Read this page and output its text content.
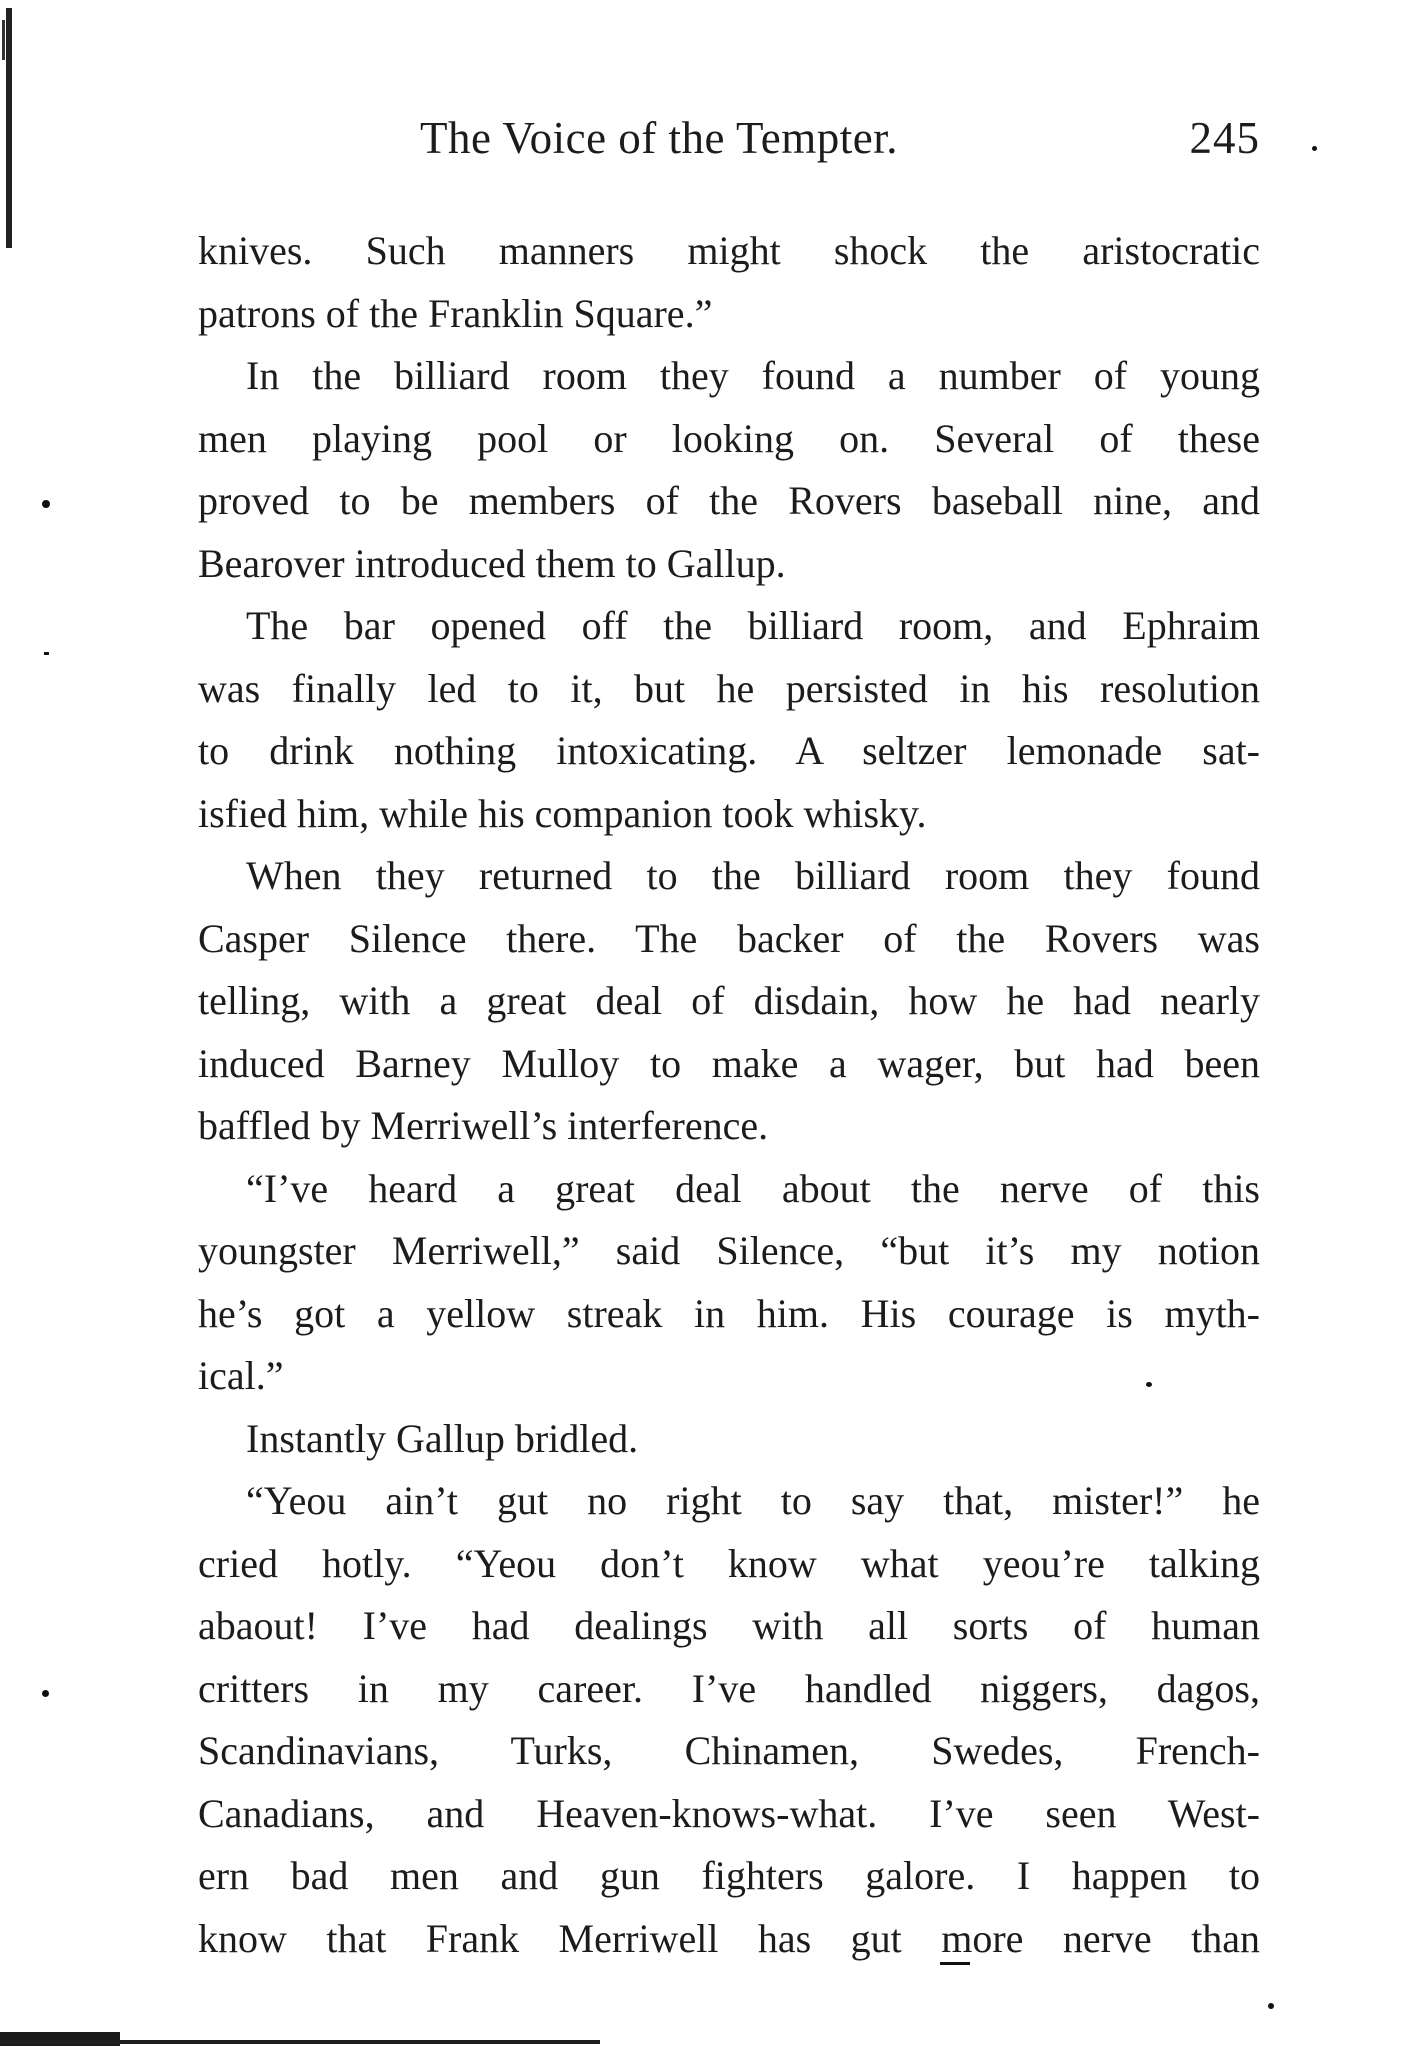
The Voice of the Tempter.	245
knives. Such manners might shock the aristocratic
patrons of the Franklin Square.”
In the billiard room they found a number of young
men playing pool or looking on. Several of these
proved to be members of the Rovers baseball nine, and
Bearover introduced them to Gallup.
The bar opened off the billiard room, and Ephraim
was finally led to it, but he persisted in his resolution
to drink nothing intoxicating. A seltzer lemonade sat-
isfied him, while his companion took whisky.
When they returned to the billiard room they found
Casper Silence there. The backer of the Rovers was
telling, with a great deal of disdain, how he had nearly
induced Barney Mulloy to make a wager, but had been
baffled by Merriwell’s interference.
“I’ve heard a great deal about the nerve of this
youngster Merriwell,” said Silence, “but it’s my notion
he’s got a yellow streak in him. His courage is myth-
ical.”
Instantly Gallup bridled.
“Yeou ain’t gut no right to say that, mister!” he
cried hotly. “Yeou don’t know what yeou’re talking
abaout! I’ve had dealings with all sorts of human
critters in my career. I’ve handled niggers, dagos,
Scandinavians, Turks, Chinamen, Swedes, French-
Canadians, and Heaven-knows-what. I’ve seen West-
ern bad men and gun fighters galore. I happen to
know that Frank Merriwell has gut more nerve than
